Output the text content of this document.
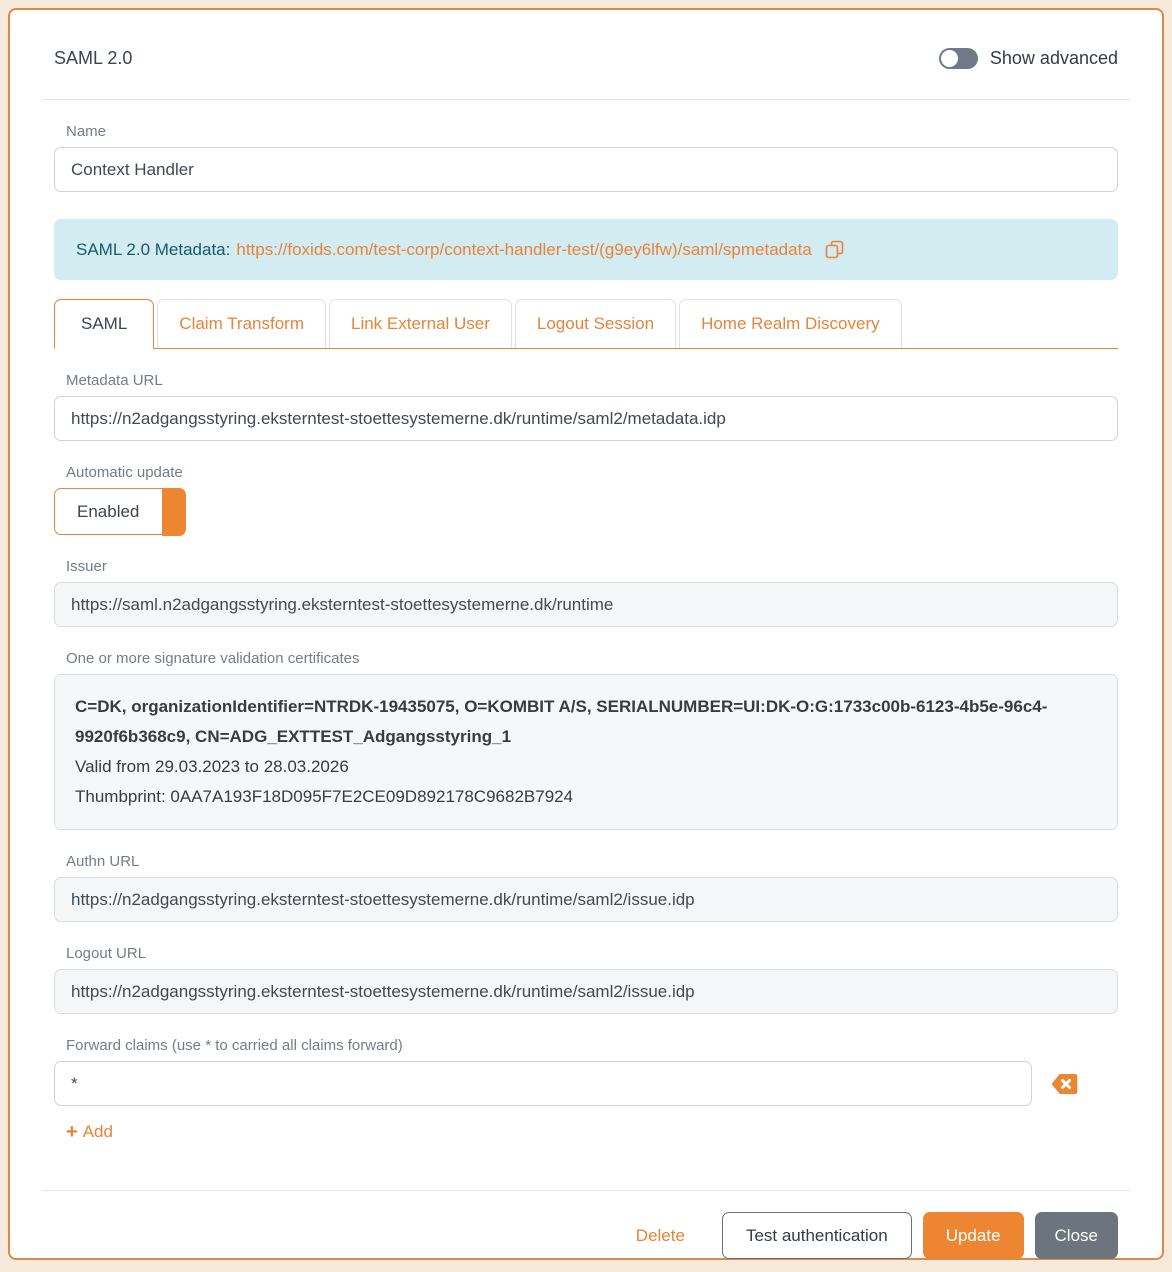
SAML 2.0	Show advanced
Name
Context Handler
SAML 2.0 Metadata: https://foxids.com/test-corp/context-handler-test/(g9ey6lfw)/saml/spmetadata
SAML	Claim Transform	Link External User	Logout Session	Home Realm Discovery
Metadata URL
https://n2adgangsstyring.eksterntest-stoettesystemerne.dk/runtime/saml2/metadata.idp
Automatic update
Enabled
Issuer
https://saml.n2adgangsstyring.eksterntest-stoettesystemerne.dk/runtime
One or more signature validation certificates
C=DK, organizationIdentifier=NTRDK-19435075, O=KOMBIT A/S, SERIALNUMBER=UI:DK-O:G:1733c00b-6123-4b5e-96c4-9920f6b368c9, CN=ADG_EXTTEST_Adgangsstyring_1
Valid from 29.03.2023 to 28.03.2026
Thumbprint: 0AA7A193F18D095F7E2CE09D892178C9682B7924
Authn URL
https://n2adgangsstyring.eksterntest-stoettesystemerne.dk/runtime/saml2/issue.idp
Logout URL
https://n2adgangsstyring.eksterntest-stoettesystemerne.dk/runtime/saml2/issue.idp
Forward claims (use * to carried all claims forward)
*
+ Add
Delete	Test authentication	Update	Close
